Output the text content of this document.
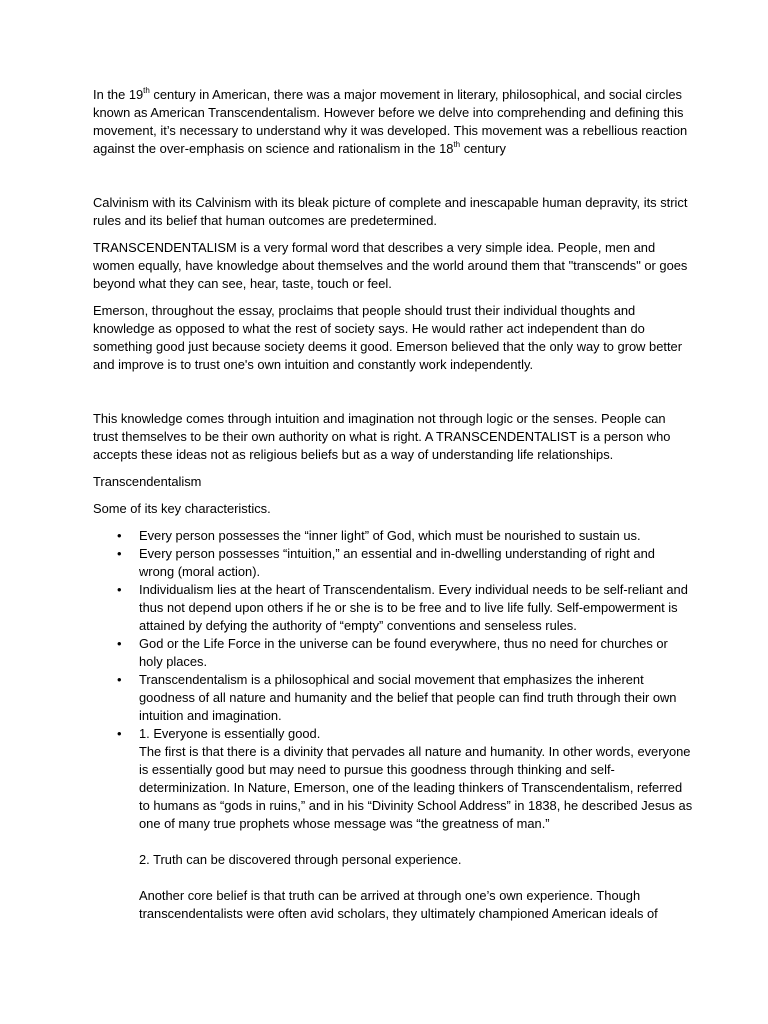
In the 19th century in American, there was a major movement in literary, philosophical, and social circles known as American Transcendentalism. However before we delve into comprehending and defining this movement, it’s necessary to understand why it was developed. This movement was a rebellious reaction against the over-emphasis on science and rationalism in the 18th century

Calvinism with its Calvinism with its bleak picture of complete and inescapable human depravity, its strict rules and its belief that human outcomes are predetermined.

TRANSCENDENTALISM is a very formal word that describes a very simple idea. People, men and women equally, have knowledge about themselves and the world around them that "transcends" or goes beyond what they can see, hear, taste, touch or feel.

Emerson, throughout the essay, proclaims that people should trust their individual thoughts and knowledge as opposed to what the rest of society says. He would rather act independent than do something good just because society deems it good. Emerson believed that the only way to grow better and improve is to trust one's own intuition and constantly work independently.

This knowledge comes through intuition and imagination not through logic or the senses. People can trust themselves to be their own authority on what is right. A TRANSCENDENTALIST is a person who accepts these ideas not as religious beliefs but as a way of understanding life relationships.

Transcendentalism

Some of its key characteristics.

• Every person possesses the “inner light” of God, which must be nourished to sustain us.
• Every person possesses “intuition,” an essential and in-dwelling understanding of right and wrong (moral action).
• Individualism lies at the heart of Transcendentalism. Every individual needs to be self-reliant and thus not depend upon others if he or she is to be free and to live life fully. Self-empowerment is attained by defying the authority of “empty” conventions and senseless rules.
• God or the Life Force in the universe can be found everywhere, thus no need for churches or holy places.
• Transcendentalism is a philosophical and social movement that emphasizes the inherent goodness of all nature and humanity and the belief that people can find truth through their own intuition and imagination.
• 1. Everyone is essentially good.
The first is that there is a divinity that pervades all nature and humanity. In other words, everyone is essentially good but may need to pursue this goodness through thinking and self-determinization. In Nature, Emerson, one of the leading thinkers of Transcendentalism, referred to humans as “gods in ruins,” and in his “Divinity School Address” in 1838, he described Jesus as one of many true prophets whose message was “the greatness of man.”
2. Truth can be discovered through personal experience.
Another core belief is that truth can be arrived at through one’s own experience. Though transcendentalists were often avid scholars, they ultimately championed American ideals of
